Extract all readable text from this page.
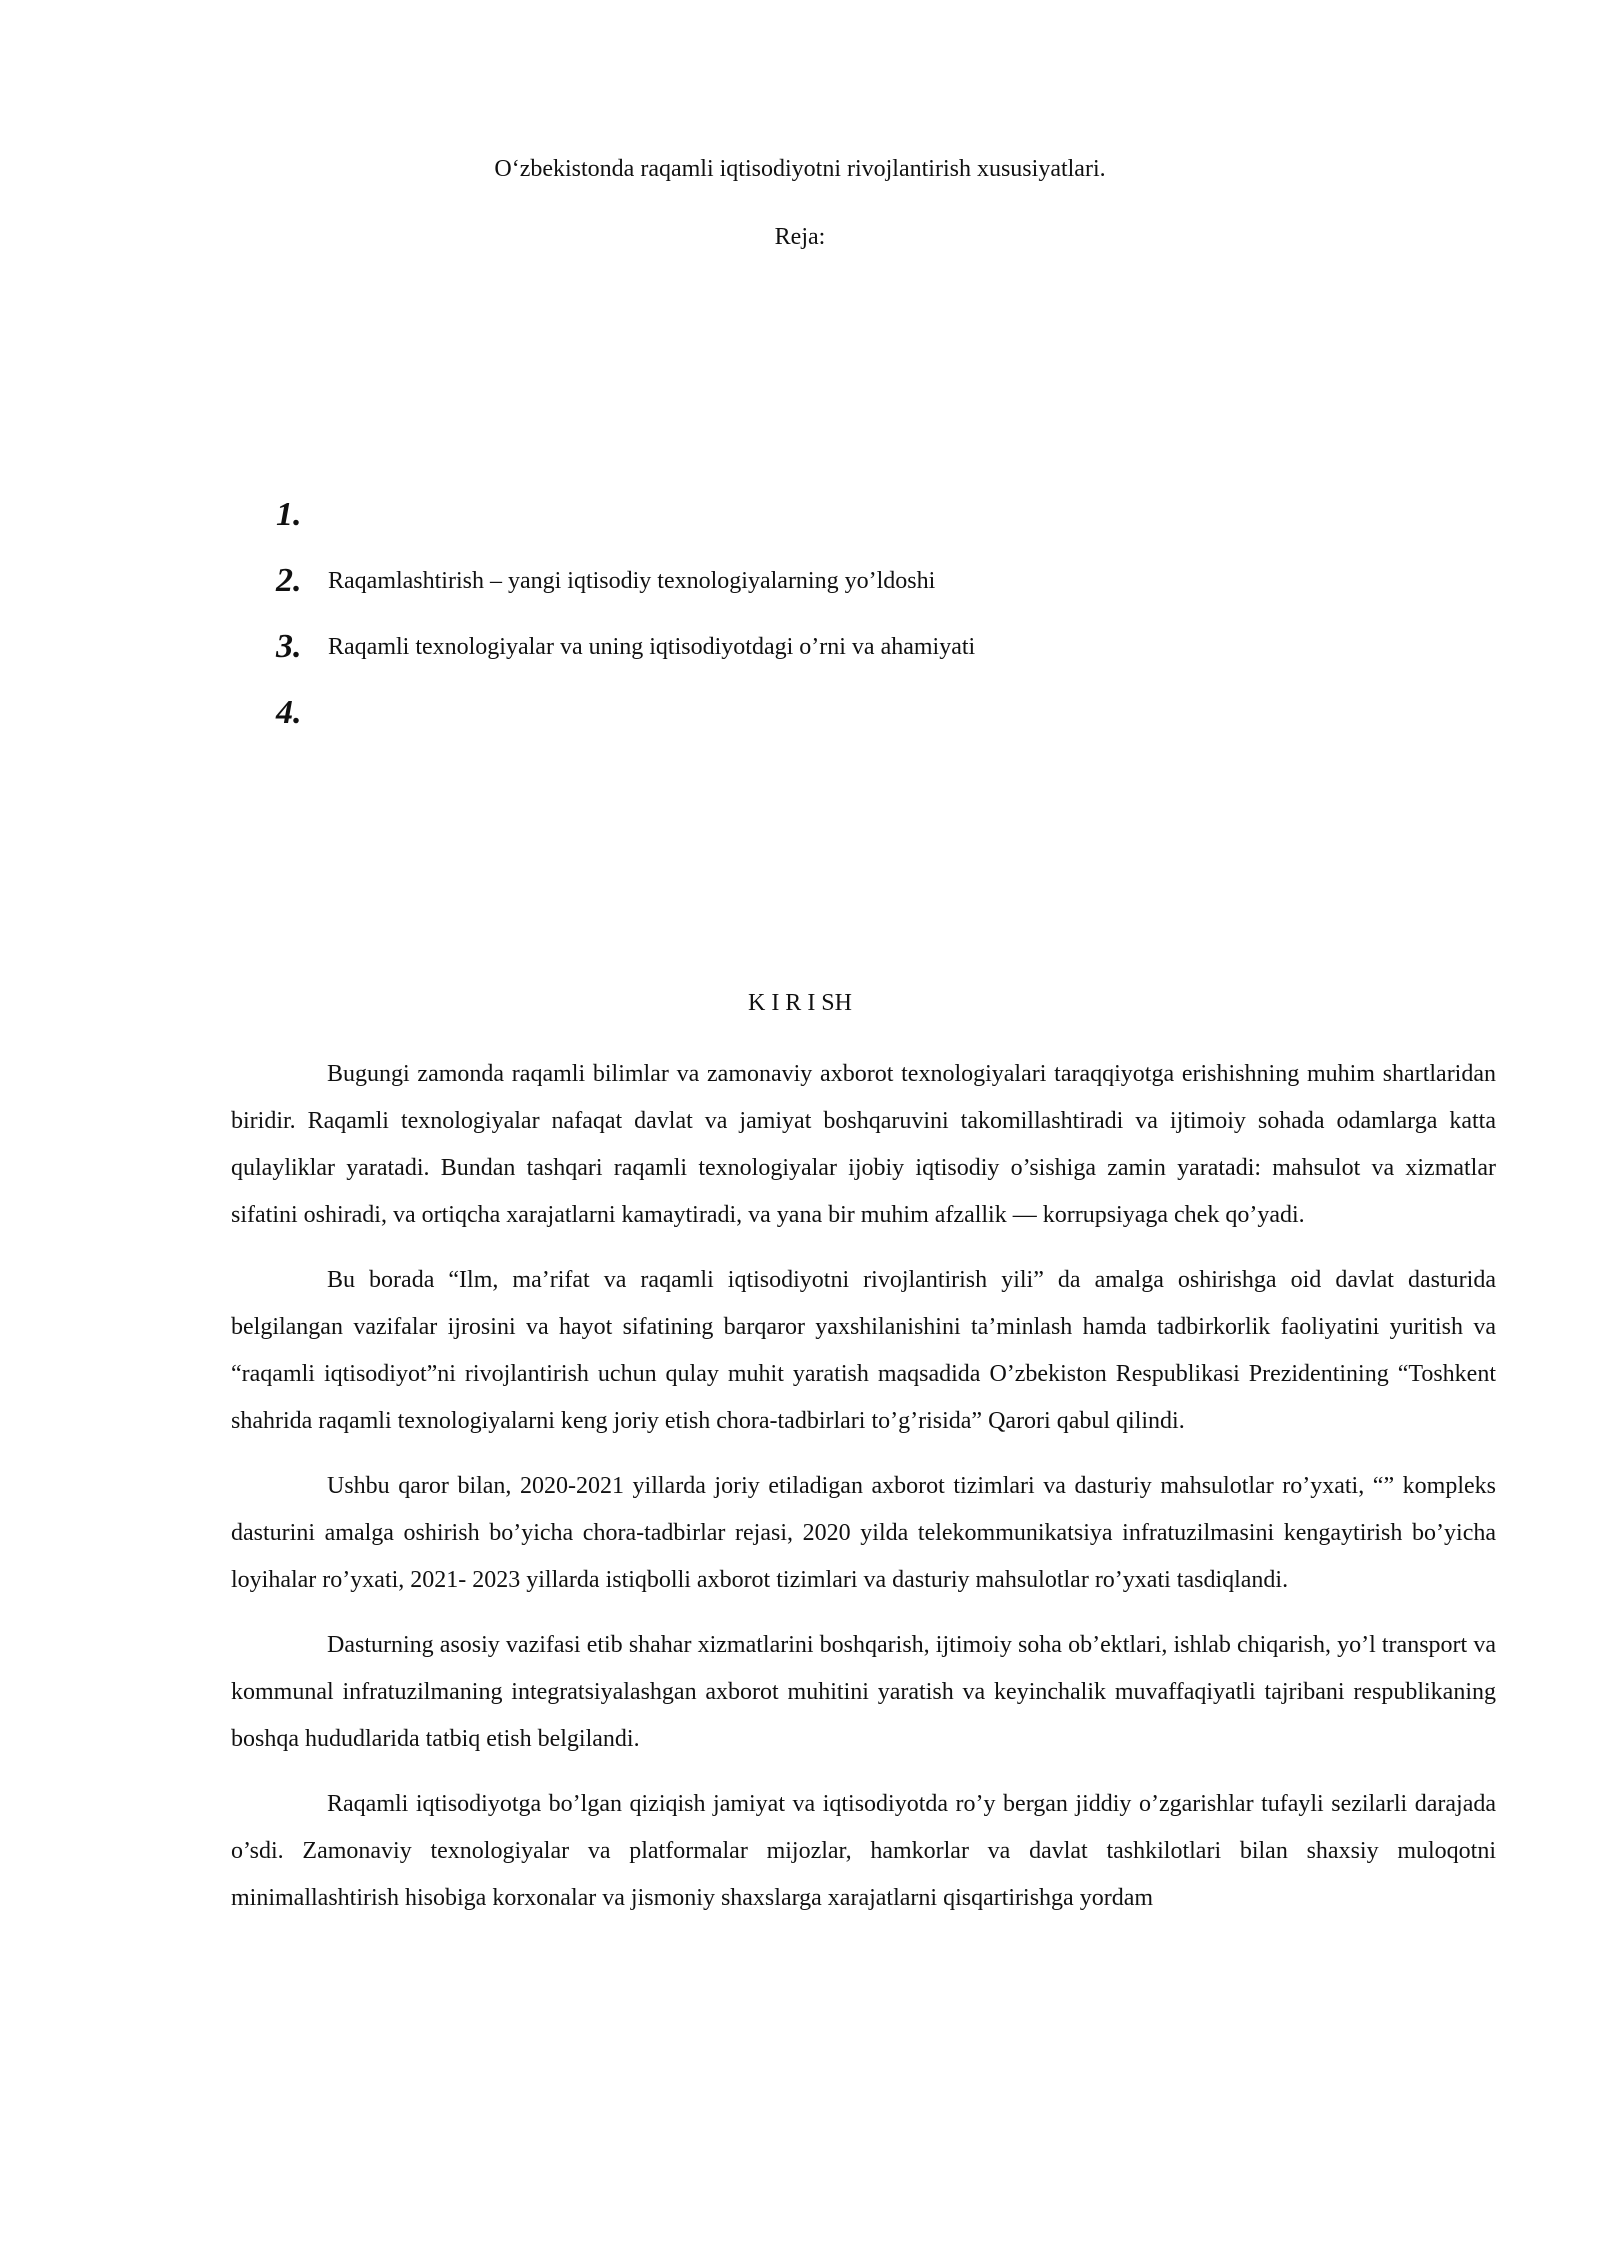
O‘zbekistonda raqamli iqtisodiyotni rivojlantirish xususiyatlari.
Reja:
1.
2.	Raqamlashtirish – yangi iqtisodiy texnologiyalarning yo’ldoshi
3.	Raqamli texnologiyalar va uning iqtisodiyotdagi o’rni va ahamiyati
4.
K I R I SH

Bugungi zamonda raqamli bilimlar va zamonaviy axborot texnologiyalari taraqqiyotga erishishning muhim shartlaridan biridir. Raqamli texnologiyalar nafaqat davlat va jamiyat boshqaruvini takomillashtiradi va ijtimoiy sohada odamlarga katta qulayliklar yaratadi. Bundan tashqari raqamli texnologiyalar ijobiy iqtisodiy o’sishiga zamin yaratadi: mahsulot va xizmatlar sifatini oshiradi, va ortiqcha xarajatlarni kamaytiradi, va yana bir muhim afzallik — korrupsiyaga chek qo’yadi.

Bu borada “Ilm, ma’rifat va raqamli iqtisodiyotni rivojlantirish yili” da amalga oshirishga oid davlat dasturida belgilangan vazifalar ijrosini va hayot sifatining barqaror yaxshilanishini ta’minlash hamda tadbirkorlik faoliyatini yuritish va “raqamli iqtisodiyot”ni rivojlantirish uchun qulay muhit yaratish maqsadida O’zbekiston Respublikasi Prezidentining “Toshkent shahrida raqamli texnologiyalarni keng joriy etish chora-tadbirlari to’g’risida” Qarori qabul qilindi.

Ushbu qaror bilan, 2020-2021 yillarda joriy etiladigan axborot tizimlari va dasturiy mahsulotlar ro’yxati, “” kompleks dasturini amalga oshirish bo’yicha chora-tadbirlar rejasi, 2020 yilda telekommunikatsiya infratuzilmasini kengaytirish bo’yicha loyihalar ro’yxati, 2021- 2023 yillarda istiqbolli axborot tizimlari va dasturiy mahsulotlar ro’yxati tasdiqlandi.

Dasturning asosiy vazifasi etib shahar xizmatlarini boshqarish, ijtimoiy soha ob’ektlari, ishlab chiqarish, yo’l transport va kommunal infratuzilmaning integratsiyalashgan axborot muhitini yaratish va keyinchalik muvaffaqiyatli tajribani respublikaning boshqa hududlarida tatbiq etish belgilandi.

Raqamli iqtisodiyotga bo’lgan qiziqish jamiyat va iqtisodiyotda ro’y bergan jiddiy o’zgarishlar tufayli sezilarli darajada o’sdi. Zamonaviy texnologiyalar va platformalar mijozlar, hamkorlar va davlat tashkilotlari bilan shaxsiy muloqotni minimallashtirish hisobiga korxonalar va jismoniy shaxslarga xarajatlarni qisqartirishga yordam
